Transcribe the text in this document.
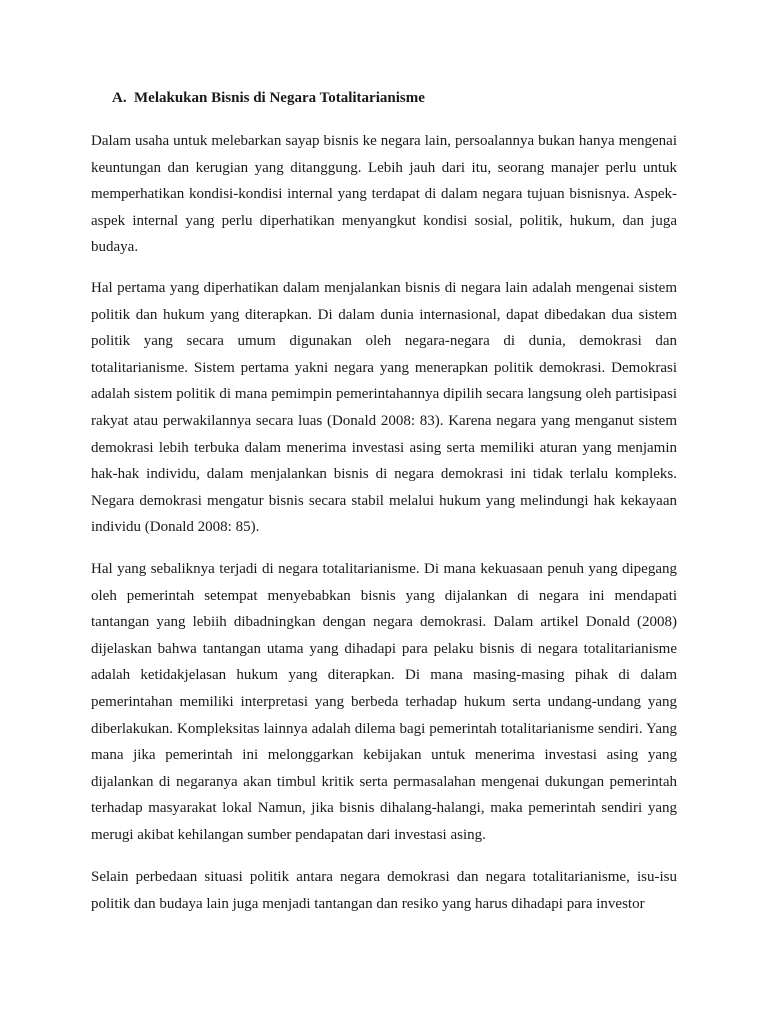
A. Melakukan Bisnis di Negara Totalitarianisme

Dalam usaha untuk melebarkan sayap bisnis ke negara lain, persoalannya bukan hanya mengenai keuntungan dan kerugian yang ditanggung. Lebih jauh dari itu, seorang manajer perlu untuk memperhatikan kondisi-kondisi internal yang terdapat di dalam negara tujuan bisnisnya. Aspek-aspek internal yang perlu diperhatikan menyangkut kondisi sosial, politik, hukum, dan juga budaya.

Hal pertama yang diperhatikan dalam menjalankan bisnis di negara lain adalah mengenai sistem politik dan hukum yang diterapkan. Di dalam dunia internasional, dapat dibedakan dua sistem politik yang secara umum digunakan oleh negara-negara di dunia, demokrasi dan totalitarianisme. Sistem pertama yakni negara yang menerapkan politik demokrasi. Demokrasi adalah sistem politik di mana pemimpin pemerintahannya dipilih secara langsung oleh partisipasi rakyat atau perwakilannya secara luas (Donald 2008: 83). Karena negara yang menganut sistem demokrasi lebih terbuka dalam menerima investasi asing serta memiliki aturan yang menjamin hak-hak individu, dalam menjalankan bisnis di negara demokrasi ini tidak terlalu kompleks. Negara demokrasi mengatur bisnis secara stabil melalui hukum yang melindungi hak kekayaan individu (Donald 2008: 85).

Hal yang sebaliknya terjadi di negara totalitarianisme. Di mana kekuasaan penuh yang dipegang oleh pemerintah setempat menyebabkan bisnis yang dijalankan di negara ini mendapati tantangan yang lebiih dibadningkan dengan negara demokrasi. Dalam artikel Donald (2008) dijelaskan bahwa tantangan utama yang dihadapi para pelaku bisnis di negara totalitarianisme adalah ketidakjelasan hukum yang diterapkan. Di mana masing-masing pihak di dalam pemerintahan memiliki interpretasi yang berbeda terhadap hukum serta undang-undang yang diberlakukan. Kompleksitas lainnya adalah dilema bagi pemerintah totalitarianisme sendiri. Yang mana jika pemerintah ini melonggarkan kebijakan untuk menerima investasi asing yang dijalankan di negaranya akan timbul kritik serta permasalahan mengenai dukungan pemerintah terhadap masyarakat lokal Namun, jika bisnis dihalang-halangi, maka pemerintah sendiri yang merugi akibat kehilangan sumber pendapatan dari investasi asing.

Selain perbedaan situasi politik antara negara demokrasi dan negara totalitarianisme, isu-isu politik dan budaya lain juga menjadi tantangan dan resiko yang harus dihadapi para investor
